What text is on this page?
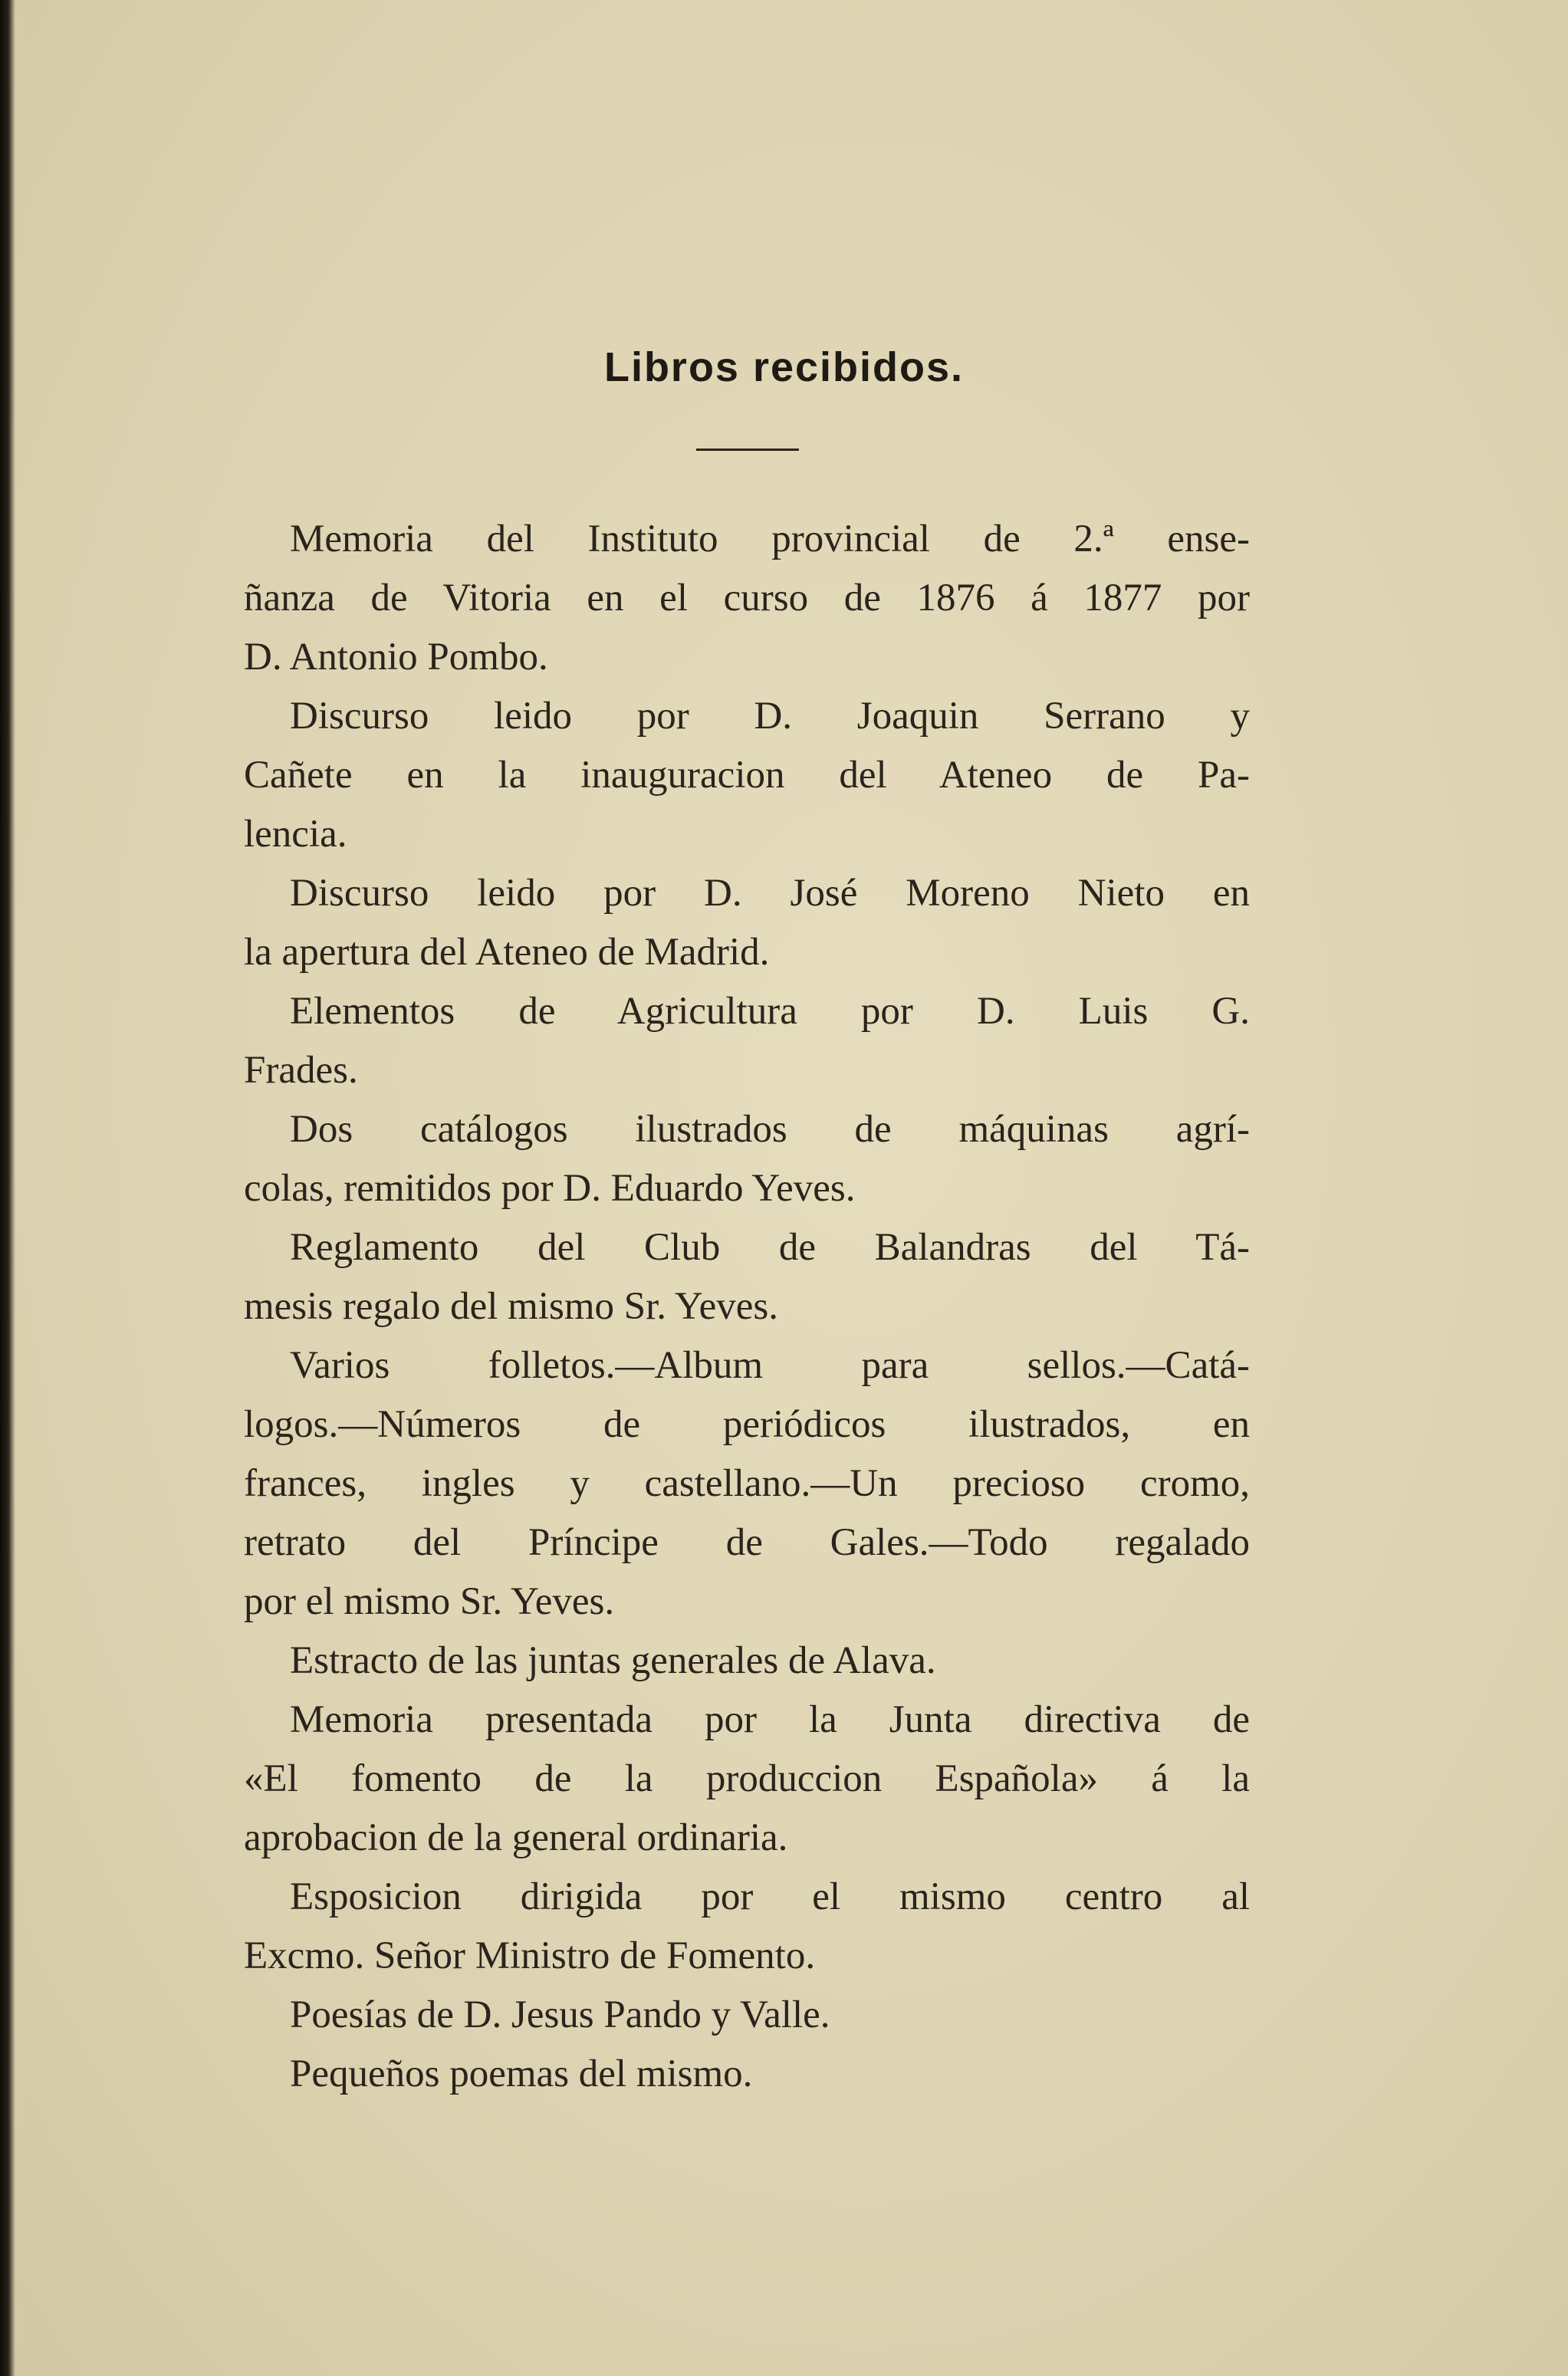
Libros recibidos.
Memoria del Instituto provincial de 2.ª ense-
ñanza de Vitoria en el curso de 1876 á 1877 por
D. Antonio Pombo.
Discurso leido por D. Joaquin Serrano y
Cañete en la inauguracion del Ateneo de Pa-
lencia.
Discurso leido por D. José Moreno Nieto en
la apertura del Ateneo de Madrid.
Elementos de Agricultura por D. Luis G.
Frades.
Dos catálogos ilustrados de máquinas agrí-
colas, remitidos por D. Eduardo Yeves.
Reglamento del Club de Balandras del Tá-
mesis regalo del mismo Sr. Yeves.
Varios folletos.—Album para sellos.—Catá-
logos.—Números de periódicos ilustrados, en
frances, ingles y castellano.—Un precioso cromo,
retrato del Príncipe de Gales.—Todo regalado
por el mismo Sr. Yeves.
Estracto de las juntas generales de Alava.
Memoria presentada por la Junta directiva de
«El fomento de la produccion Española» á la
aprobacion de la general ordinaria.
Esposicion dirigida por el mismo centro al
Excmo. Señor Ministro de Fomento.
Poesías de D. Jesus Pando y Valle.
Pequeños poemas del mismo.
